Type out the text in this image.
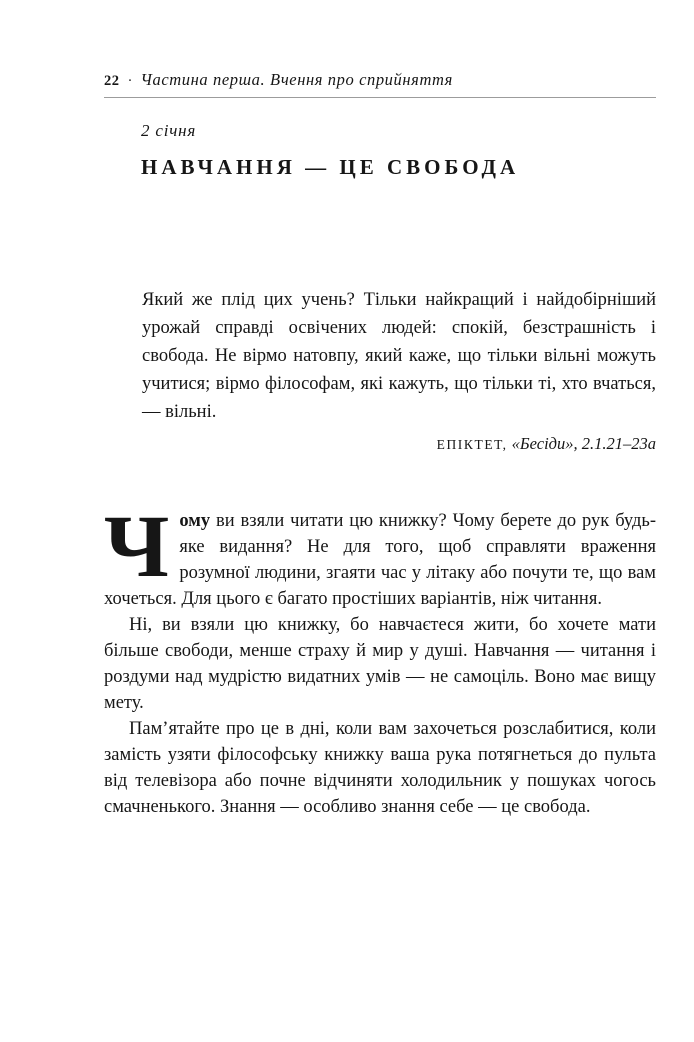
22 · Частина перша. Вчення про сприйняття
2 січня
НАВЧАННЯ — ЦЕ СВОБОДА

Який же плід цих учень? Тільки найкращий і найдобірніший урожай справді освічених людей: спокій, безстрашність і свобода. Не вірмо натовпу, який каже, що тільки вільні можуть учитися; вірмо філософам, які кажуть, що тільки ті, хто вчаться, — вільні.

ЕПІКТЕТ, «Бесіди», 2.1.21–23а

Чому ви взяли читати цю книжку? Чому берете до рук будь-яке видання? Не для того, щоб справляти враження розумної людини, згаяти час у літаку або почути те, що вам хочеться. Для цього є багато простіших варіантів, ніж читання.

Ні, ви взяли цю книжку, бо навчаєтеся жити, бо хочете мати більше свободи, менше страху й мир у душі. Навчання — читання і роздуми над мудрістю видатних умів — не самоціль. Воно має вищу мету.

Пам’ятайте про це в дні, коли вам захочеться розслабитися, коли замість узяти філософську книжку ваша рука потягнеться до пульта від телевізора або почне відчиняти холодильник у пошуках чогось смачненького. Знання — особливо знання себе — це свобода.
